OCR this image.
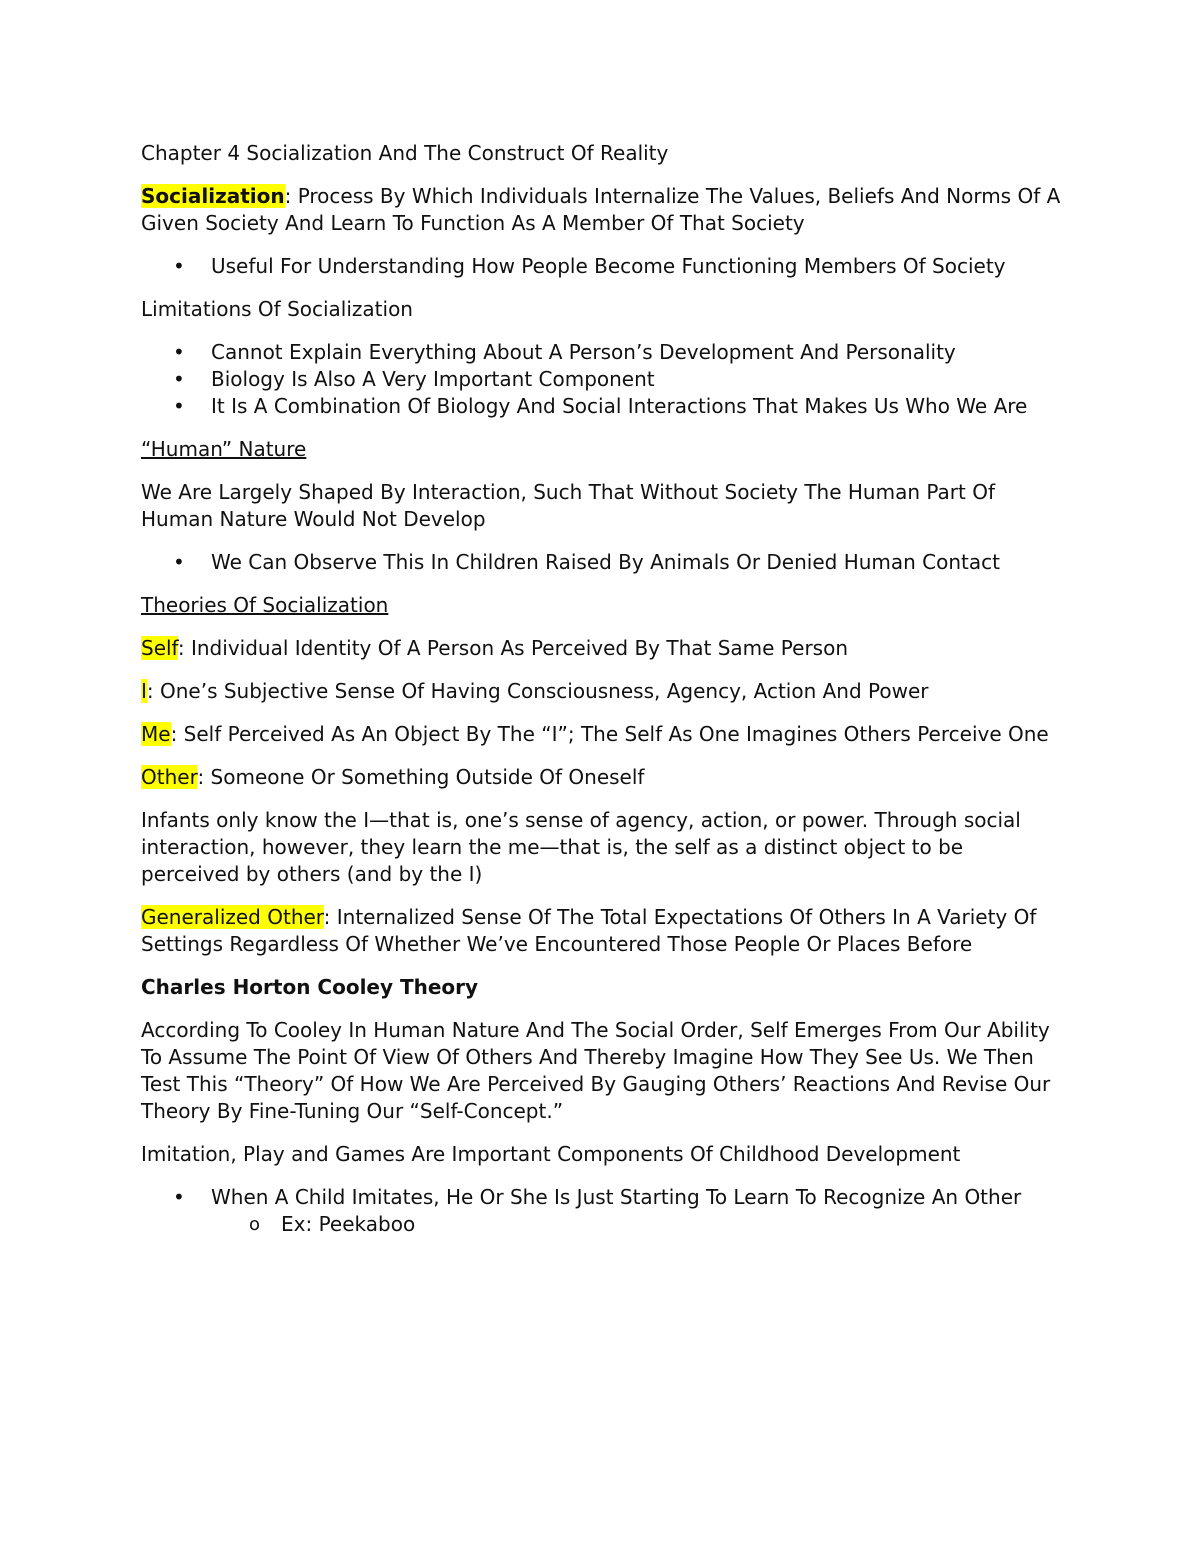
Chapter 4 Socialization And The Construct Of Reality

Socialization: Process By Which Individuals Internalize The Values, Beliefs And Norms Of A Given Society And Learn To Function As A Member Of That Society

• Useful For Understanding How People Become Functioning Members Of Society

Limitations Of Socialization

• Cannot Explain Everything About A Person’s Development And Personality
• Biology Is Also A Very Important Component
• It Is A Combination Of Biology And Social Interactions That Makes Us Who We Are

“Human” Nature

We Are Largely Shaped By Interaction, Such That Without Society The Human Part Of Human Nature Would Not Develop

• We Can Observe This In Children Raised By Animals Or Denied Human Contact

Theories Of Socialization

Self: Individual Identity Of A Person As Perceived By That Same Person

I: One’s Subjective Sense Of Having Consciousness, Agency, Action And Power

Me: Self Perceived As An Object By The “I”; The Self As One Imagines Others Perceive One

Other: Someone Or Something Outside Of Oneself

Infants only know the I—that is, one’s sense of agency, action, or power. Through social interaction, however, they learn the me—that is, the self as a distinct object to be perceived by others (and by the I)

Generalized Other: Internalized Sense Of The Total Expectations Of Others In A Variety Of Settings Regardless Of Whether We’ve Encountered Those People Or Places Before

Charles Horton Cooley Theory

According To Cooley In Human Nature And The Social Order, Self Emerges From Our Ability To Assume The Point Of View Of Others And Thereby Imagine How They See Us. We Then Test This “Theory” Of How We Are Perceived By Gauging Others’ Reactions And Revise Our Theory By Fine-Tuning Our “Self-Concept.”

Imitation, Play and Games Are Important Components Of Childhood Development

• When A Child Imitates, He Or She Is Just Starting To Learn To Recognize An Other
o Ex: Peekaboo
